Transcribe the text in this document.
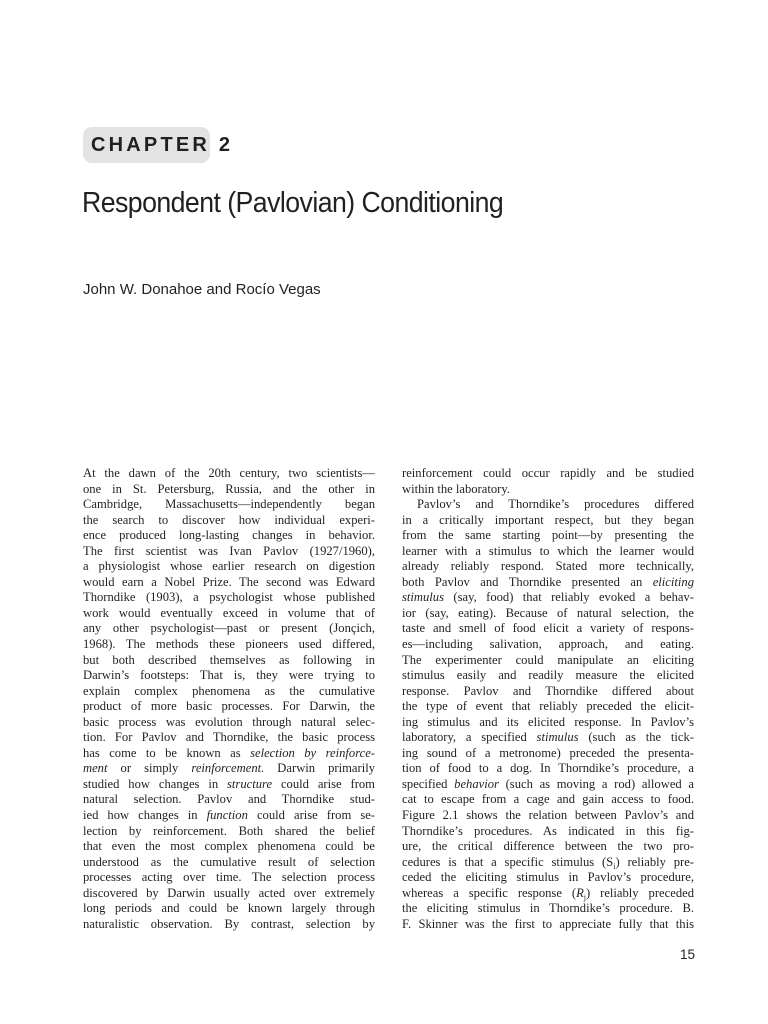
CHAPTER 2
Respondent (Pavlovian) Conditioning
John W. Donahoe and Rocío Vegas
At the dawn of the 20th century, two scientists—
one in St. Petersburg, Russia, and the other in
Cambridge, Massachusetts—independently began
the search to discover how individual experi-
ence produced long-lasting changes in behavior.
The first scientist was Ivan Pavlov (1927/1960),
a physiologist whose earlier research on digestion
would earn a Nobel Prize. The second was Edward
Thorndike (1903), a psychologist whose published
work would eventually exceed in volume that of
any other psychologist—past or present (Jonçich,
1968). The methods these pioneers used differed,
but both described themselves as following in
Darwin’s footsteps: That is, they were trying to
explain complex phenomena as the cumulative
product of more basic processes. For Darwin, the
basic process was evolution through natural selec-
tion. For Pavlov and Thorndike, the basic process
has come to be known as selection by reinforce-
ment or simply reinforcement. Darwin primarily
studied how changes in structure could arise from
natural selection. Pavlov and Thorndike stud-
ied how changes in function could arise from se-
lection by reinforcement. Both shared the belief
that even the most complex phenomena could be
understood as the cumulative result of selection
processes acting over time. The selection process
discovered by Darwin usually acted over extremely
long periods and could be known largely through
naturalistic observation. By contrast, selection by
reinforcement could occur rapidly and be studied
within the laboratory.
Pavlov’s and Thorndike’s procedures differed
in a critically important respect, but they began
from the same starting point—by presenting the
learner with a stimulus to which the learner would
already reliably respond. Stated more technically,
both Pavlov and Thorndike presented an eliciting
stimulus (say, food) that reliably evoked a behav-
ior (say, eating). Because of natural selection, the
taste and smell of food elicit a variety of respons-
es—including salivation, approach, and eating.
The experimenter could manipulate an eliciting
stimulus easily and readily measure the elicited
response. Pavlov and Thorndike differed about
the type of event that reliably preceded the elicit-
ing stimulus and its elicited response. In Pavlov’s
laboratory, a specified stimulus (such as the tick-
ing sound of a metronome) preceded the presenta-
tion of food to a dog. In Thorndike’s procedure, a
specified behavior (such as moving a rod) allowed a
cat to escape from a cage and gain access to food.
Figure 2.1 shows the relation between Pavlov’s and
Thorndike’s procedures. As indicated in this fig-
ure, the critical difference between the two pro-
cedures is that a specific stimulus $(S_i)$ reliably pre-
ceded the eliciting stimulus in Pavlov’s procedure,
whereas a specific response $(R_j)$ reliably preceded
the eliciting stimulus in Thorndike’s procedure. B.
F. Skinner was the first to appreciate fully that this
15
